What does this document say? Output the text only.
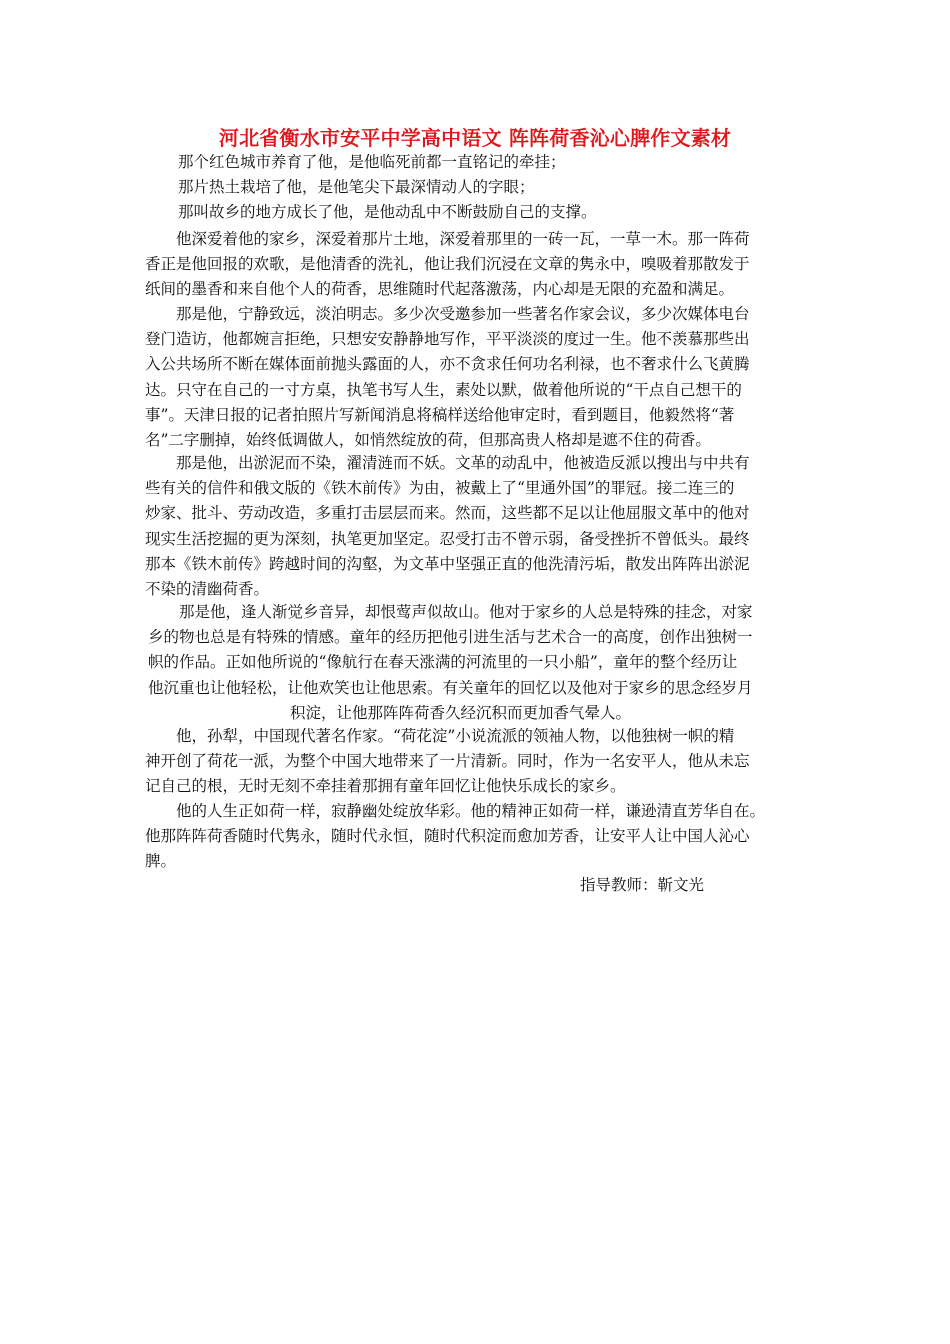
河北省衡水市安平中学高中语文 阵阵荷香沁心脾作文素材
那个红色城市养育了他，是他临死前都一直铭记的牵挂；
那片热土栽培了他，是他笔尖下最深情动人的字眼；
那叫故乡的地方成长了他，是他动乱中不断鼓励自己的支撑。
他深爱着他的家乡，深爱着那片土地，深爱着那里的一砖一瓦，一草一木。那一阵荷
香正是他回报的欢歌，是他清香的洗礼，他让我们沉浸在文章的隽永中，嗅吸着那散发于
纸间的墨香和来自他个人的荷香，思维随时代起落激荡，内心却是无限的充盈和满足。
那是他，宁静致远，淡泊明志。多少次受邀参加一些著名作家会议，多少次媒体电台
登门造访，他都婉言拒绝，只想安安静静地写作，平平淡淡的度过一生。他不羡慕那些出
入公共场所不断在媒体面前抛头露面的人，亦不贪求任何功名利禄，也不奢求什么飞黄腾
达。只守在自己的一寸方桌，执笔书写人生，素处以默，做着他所说的“干点自己想干的
事”。天津日报的记者拍照片写新闻消息将稿样送给他审定时，看到题目，他毅然将“著
名”二字删掉，始终低调做人，如悄然绽放的荷，但那高贵人格却是遮不住的荷香。
那是他，出淤泥而不染，濯清涟而不妖。文革的动乱中，他被造反派以搜出与中共有
些有关的信件和俄文版的《铁木前传》为由，被戴上了“里通外国”的罪冠。接二连三的
炒家、批斗、劳动改造，多重打击层层而来。然而，这些都不足以让他屈服文革中的他对
现实生活挖掘的更为深刻，执笔更加坚定。忍受打击不曾示弱，备受挫折不曾低头。最终
那本《铁木前传》跨越时间的沟壑，为文革中坚强正直的他洗清污垢，散发出阵阵出淤泥
不染的清幽荷香。
那是他，逢人渐觉乡音异，却恨莺声似故山。他对于家乡的人总是特殊的挂念，对家
乡的物也总是有特殊的情感。童年的经历把他引进生活与艺术合一的高度，创作出独树一
帜的作品。正如他所说的“像航行在春天涨满的河流里的一只小船”，童年的整个经历让
他沉重也让他轻松，让他欢笑也让他思索。有关童年的回忆以及他对于家乡的思念经岁月
积淀，让他那阵阵荷香久经沉积而更加香气晕人。
他，孙犁，中国现代著名作家。“荷花淀”小说流派的领袖人物，以他独树一帜的精
神开创了荷花一派，为整个中国大地带来了一片清新。同时，作为一名安平人，他从未忘
记自己的根，无时无刻不牵挂着那拥有童年回忆让他快乐成长的家乡。
他的人生正如荷一样，寂静幽处绽放华彩。他的精神正如荷一样，谦逊清直芳华自在。
他那阵阵荷香随时代隽永，随时代永恒，随时代积淀而愈加芳香，让安平人让中国人沁心
脾。
指导教师：靳文光
